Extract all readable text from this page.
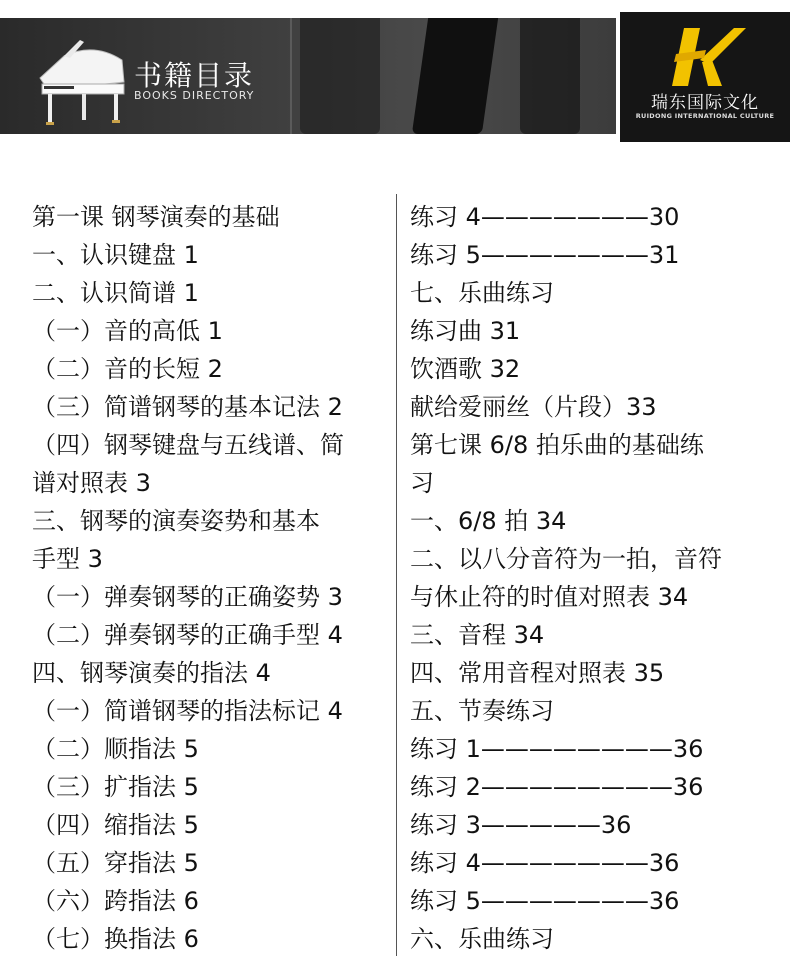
书籍目录
BOOKS DIRECTORY	瑞东国际文化
RUIDONG INTERNATIONAL CULTURE
第一课 钢琴演奏的基础
一、认识键盘 1
二、认识简谱 1
（一）音的高低 1
（二）音的长短 2
（三）简谱钢琴的基本记法 2
（四）钢琴键盘与五线谱、简
谱对照表 3
三、钢琴的演奏姿势和基本
手型 3
（一）弹奏钢琴的正确姿势 3
（二）弹奏钢琴的正确手型 4
四、钢琴演奏的指法 4
（一）简谱钢琴的指法标记 4
（二）顺指法 5
（三）扩指法 5
（四）缩指法 5
（五）穿指法 5
（六）跨指法 6
（七）换指法 6
练习 4———————30
练习 5———————31
七、乐曲练习
练习曲 31
饮酒歌 32
献给爱丽丝（片段）33
第七课 6/8 拍乐曲的基础练
习
一、6/8 拍 34
二、以八分音符为一拍，音符
与休止符的时值对照表 34
三、音程 34
四、常用音程对照表 35
五、节奏练习
练习 1————————36
练习 2————————36
练习 3—————36
练习 4———————36
练习 5———————36
六、乐曲练习
